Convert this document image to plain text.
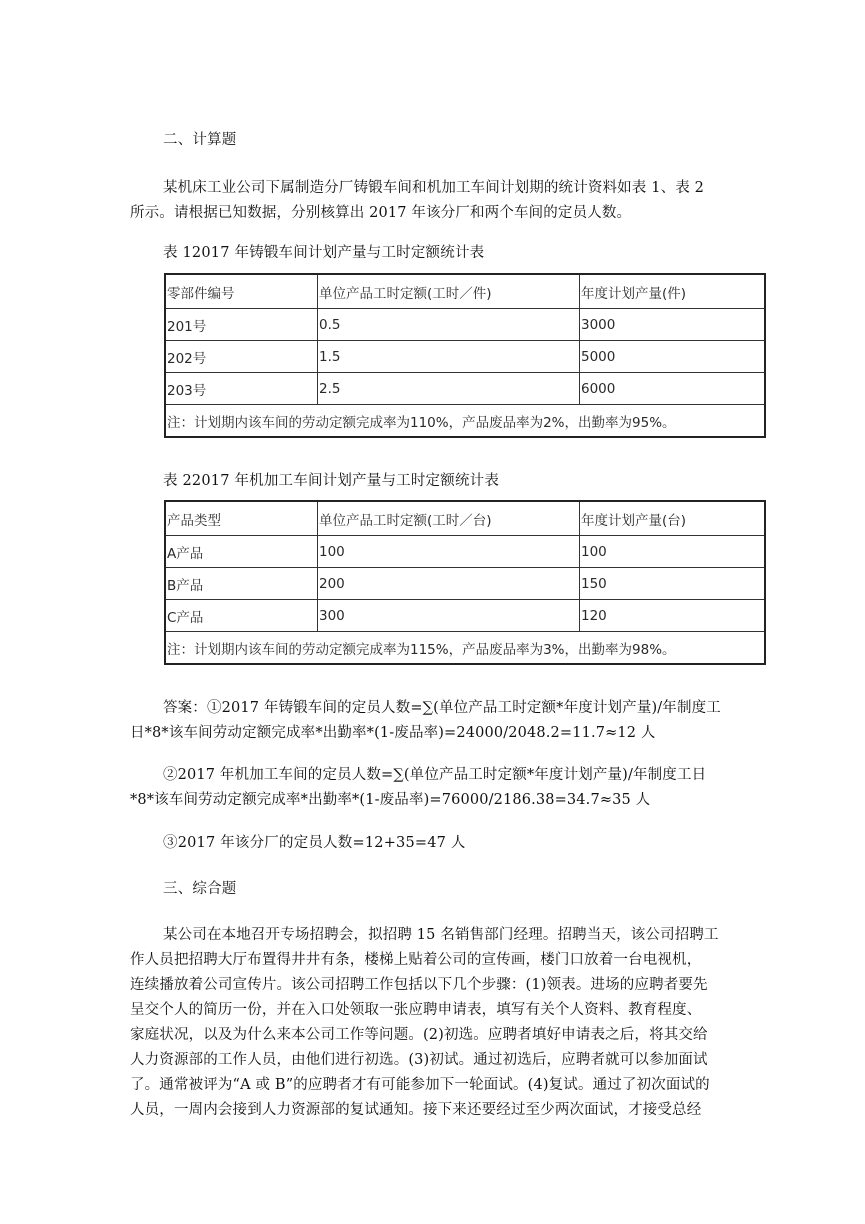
二、计算题
某机床工业公司下属制造分厂铸锻车间和机加工车间计划期的统计资料如表 1、表 2
所示。请根据已知数据，分别核算出 2017 年该分厂和两个车间的定员人数。
表 12017 年铸锻车间计划产量与工时定额统计表
零部件编号	单位产品工时定额(工时／件)	年度计划产量(件)
201号	0.5	3000
202号	1.5	5000
203号	2.5	6000
注：计划期内该车间的劳动定额完成率为110%，产品废品率为2%，出勤率为95%。		
表 22017 年机加工车间计划产量与工时定额统计表
产品类型	单位产品工时定额(工时／台)	年度计划产量(台)
A产品	100	100
B产品	200	150
C产品	300	120
注：计划期内该车间的劳动定额完成率为115%，产品废品率为3%，出勤率为98%。		
答案：①2017 年铸锻车间的定员人数=∑(单位产品工时定额*年度计划产量)/年制度工
日*8*该车间劳动定额完成率*出勤率*(1-废品率)=24000/2048.2=11.7≈12 人
②2017 年机加工车间的定员人数=∑(单位产品工时定额*年度计划产量)/年制度工日
*8*该车间劳动定额完成率*出勤率*(1-废品率)=76000/2186.38=34.7≈35 人
③2017 年该分厂的定员人数=12+35=47 人
三、综合题
某公司在本地召开专场招聘会，拟招聘 15 名销售部门经理。招聘当天，该公司招聘工
作人员把招聘大厅布置得井井有条，楼梯上贴着公司的宣传画，楼门口放着一台电视机，
连续播放着公司宣传片。该公司招聘工作包括以下几个步骤：(1)领表。进场的应聘者要先
呈交个人的简历一份，并在入口处领取一张应聘申请表，填写有关个人资料、教育程度、
家庭状况，以及为什么来本公司工作等问题。(2)初选。应聘者填好申请表之后，将其交给
人力资源部的工作人员，由他们进行初选。(3)初试。通过初选后，应聘者就可以参加面试
了。通常被评为“A 或 B”的应聘者才有可能参加下一轮面试。(4)复试。通过了初次面试的
人员，一周内会接到人力资源部的复试通知。接下来还要经过至少两次面试，才接受总经
